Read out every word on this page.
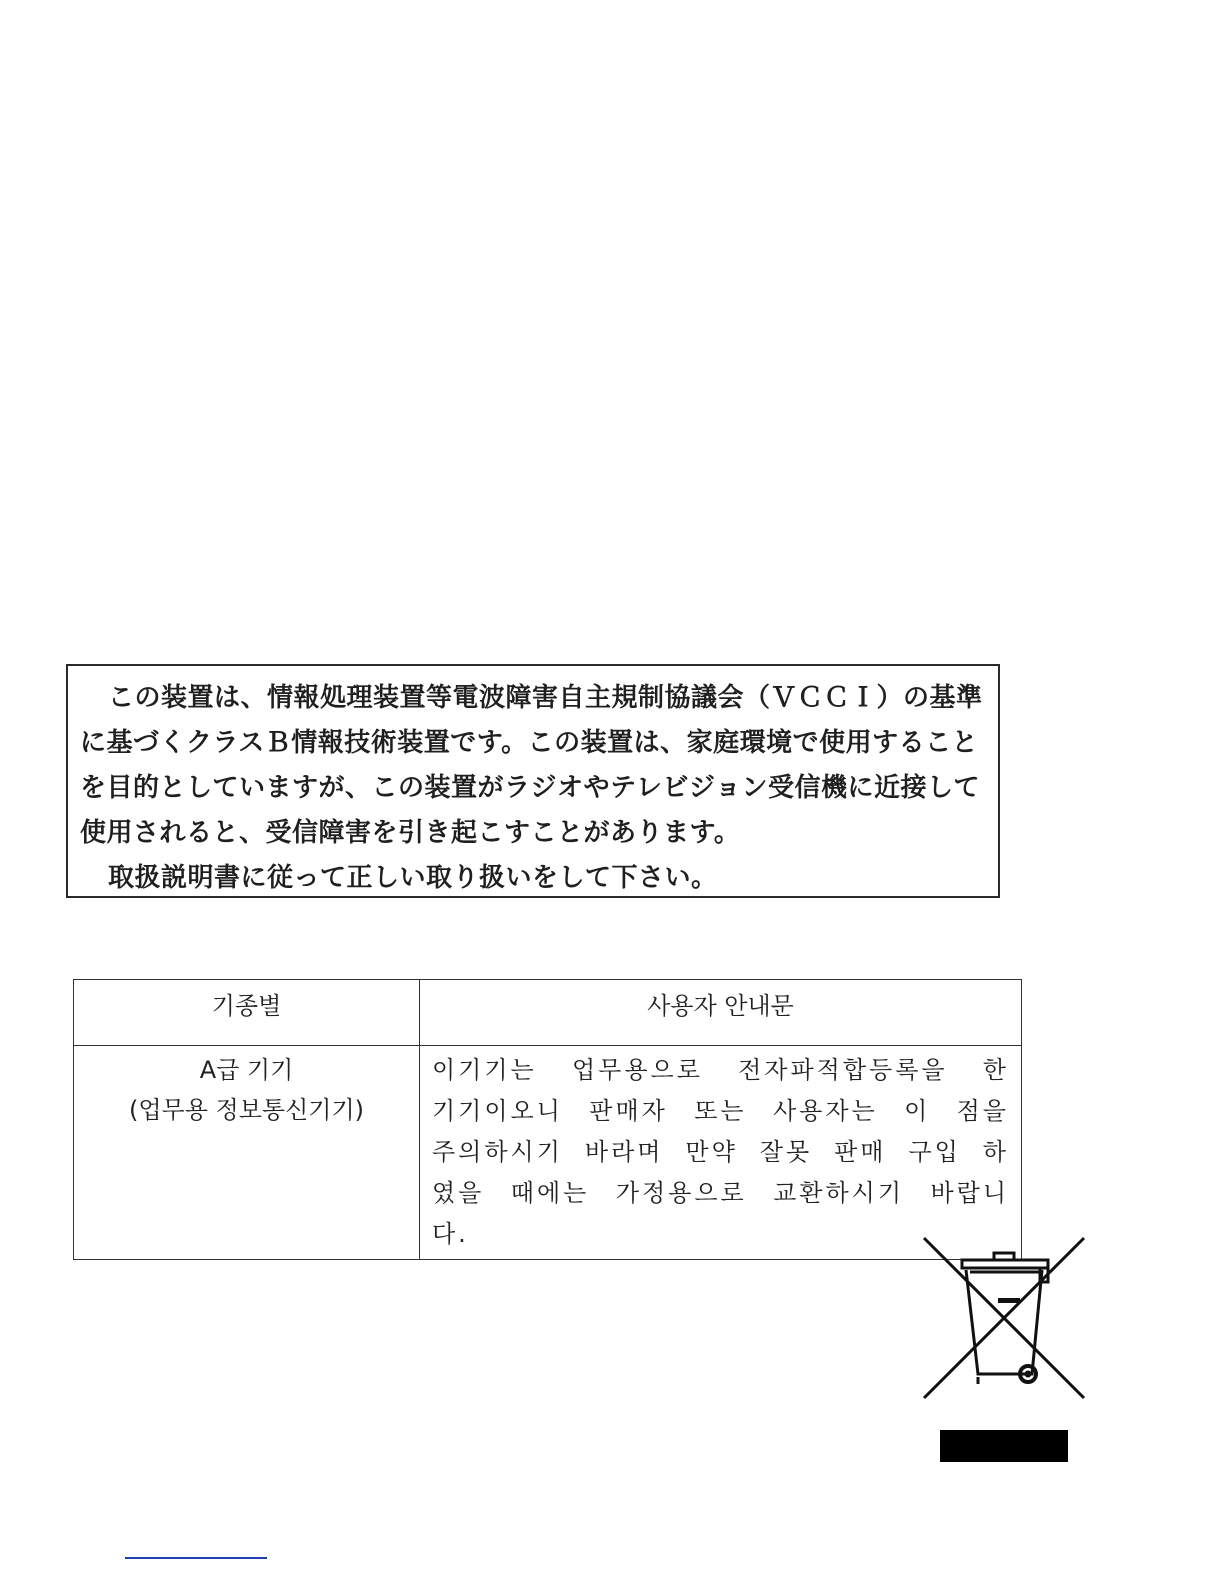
この装置は、情報処理装置等電波障害自主規制協議会（ＶＣＣＩ）の基準に基づくクラスＢ情報技術装置です。この装置は、家庭環境で使用することを目的としていますが、この装置がラジオやテレビジョン受信機に近接して使用されると、受信障害を引き起こすことがあります。

取扱説明書に従って正しい取り扱いをして下さい。

기종별	사용자 안내문

A급 기기
(업무용 정보통신기기)	이기기는 업무용으로 전자파적합등록을 한 기기이오니 판매자 또는 사용자는 이 점을 주의하시기 바라며 만약 잘못 판매 구입 하였을 때에는 가정용으로 교환하시기 바랍니다.
